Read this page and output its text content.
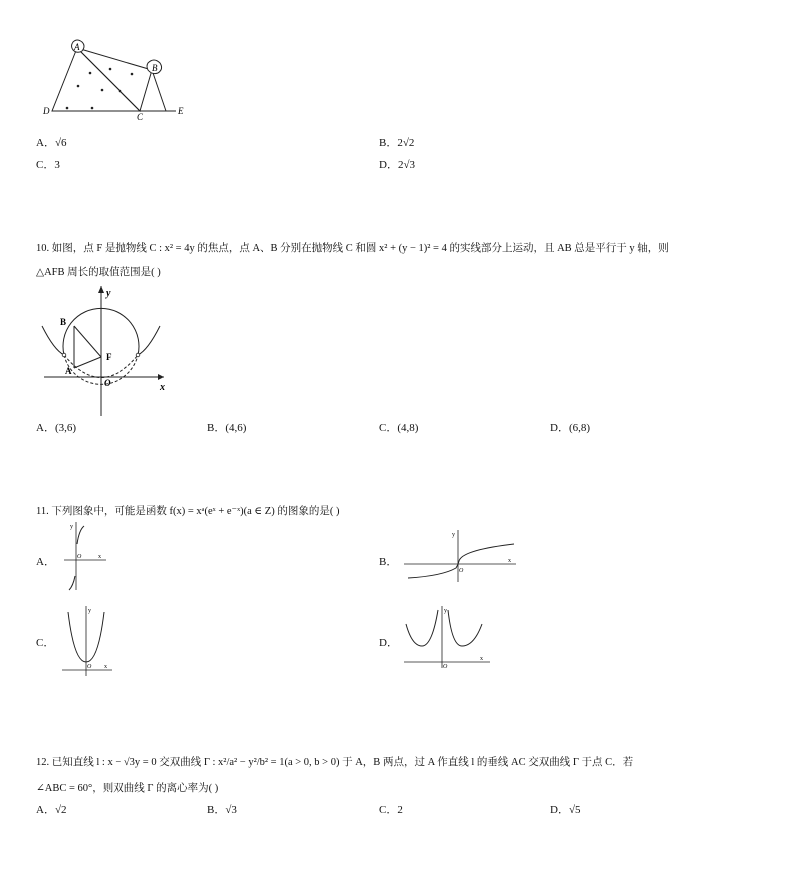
A
B
C
D	E
A．√6	B．2√2
C．3	D．2√3
10. 如图，点 F 是抛物线 C : x² = 4y 的焦点，点 A、B 分别在抛物线 C 和圆 x² + (y − 1)² = 4 的实线部分上运动，且 AB 总是平行于 y 轴，则
△AFB 周长的取值范围是( )
y
x
B
F
O
A
A．(3,6)	B．(4,6)	C．(4,8)	D．(6,8)
11. 下列图象中，可能是函数 f(x) = xᵃ(eˣ + e⁻ˣ)(a ∈ Z) 的图象的是( )
A．
y
x
O	B．
y
x
O
C．
y
x
O
D．
y
x
O
12. 已知直线 l : x − √3y = 0 交双曲线 Γ : x²/a² − y²/b² = 1(a > 0, b > 0) 于 A，B 两点，过 A 作直线 l 的垂线 AC 交双曲线 Γ 于点 C．若
∠ABC = 60°，则双曲线 Γ 的离心率为( )
A．√2	B．√3	C．2	D．√5
